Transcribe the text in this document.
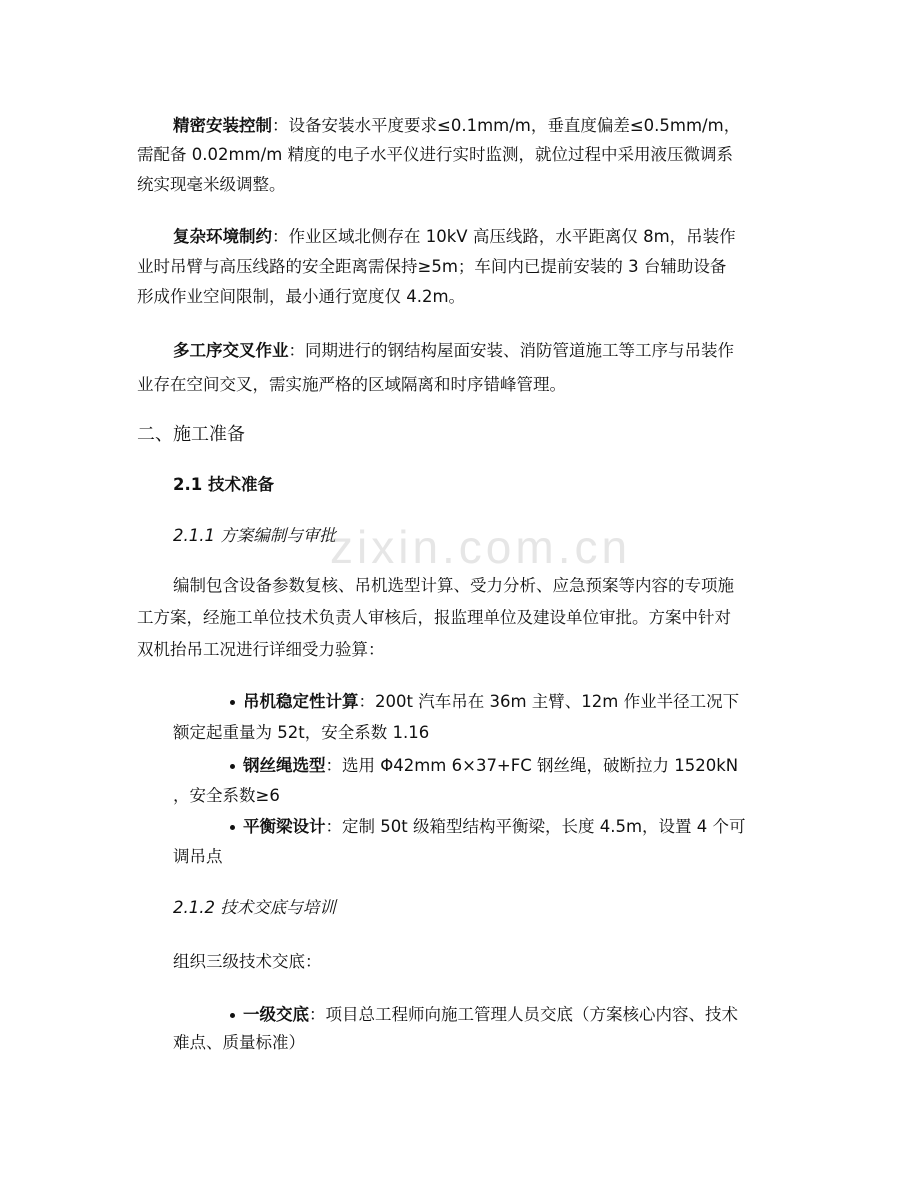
zixin.com.cn
精密安装控制：设备安装水平度要求≤0.1mm/m，垂直度偏差≤0.5mm/m，
需配备 0.02mm/m 精度的电子水平仪进行实时监测，就位过程中采用液压微调系
统实现毫米级调整。
复杂环境制约：作业区域北侧存在 10kV 高压线路，水平距离仅 8m，吊装作
业时吊臂与高压线路的安全距离需保持≥5m；车间内已提前安装的 3 台辅助设备
形成作业空间限制，最小通行宽度仅 4.2m。
多工序交叉作业：同期进行的钢结构屋面安装、消防管道施工等工序与吊装作
业存在空间交叉，需实施严格的区域隔离和时序错峰管理。
二、施工准备
2.1 技术准备
2.1.1 方案编制与审批
编制包含设备参数复核、吊机选型计算、受力分析、应急预案等内容的专项施
工方案，经施工单位技术负责人审核后，报监理单位及建设单位审批。方案中针对
双机抬吊工况进行详细受力验算：
吊机稳定性计算：200t 汽车吊在 36m 主臂、12m 作业半径工况下
额定起重量为 52t，安全系数 1.16
钢丝绳选型：选用 Φ42mm 6×37+FC 钢丝绳，破断拉力 1520kN
，安全系数≥6
平衡梁设计：定制 50t 级箱型结构平衡梁，长度 4.5m，设置 4 个可
调吊点
2.1.2 技术交底与培训
组织三级技术交底：
一级交底：项目总工程师向施工管理人员交底（方案核心内容、技术
难点、质量标准）
